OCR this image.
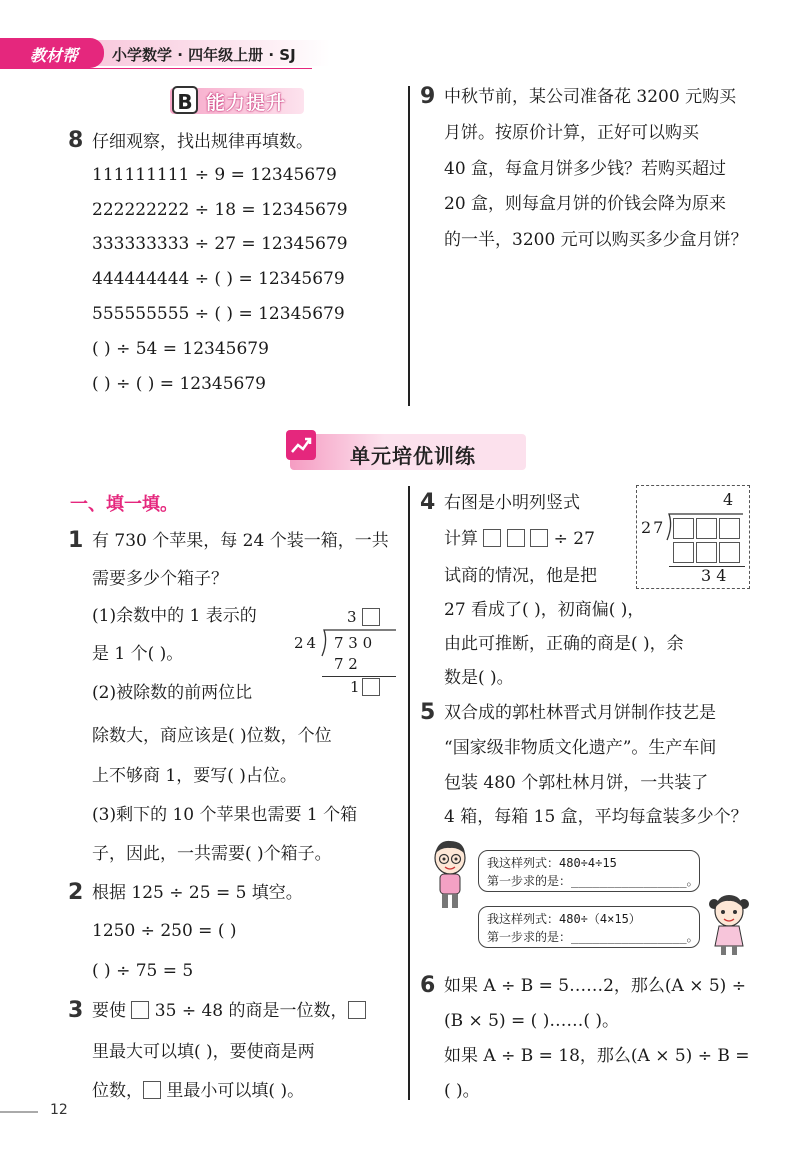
教材帮 小学数学 · 四年级上册 · SJ
B 能力提升
8 仔细观察，找出规律再填数。
111111111 ÷ 9 = 12345679
222222222 ÷ 18 = 12345679
333333333 ÷ 27 = 12345679
444444444 ÷ ( ) = 12345679
555555555 ÷ ( ) = 12345679
( ) ÷ 54 = 12345679
( ) ÷ ( ) = 12345679
9 中秋节前，某公司准备花 3200 元购买
月饼。按原价计算，正好可以购买
40 盒，每盒月饼多少钱？若购买超过
20 盒，则每盒月饼的价钱会降为原来
的一半，3200 元可以购买多少盒月饼？
单元培优训练
一、填一填。
1 有 730 个苹果，每 24 个装一箱，一共
需要多少个箱子？
(1)余数中的 1 表示的
是 1 个( )。
(2)被除数的前两位比
除数大，商应该是( )位数，个位
上不够商 1，要写( )占位。
(3)剩下的 10 个苹果也需要 1 个箱
子，因此，一共需要( )个箱子。
3
24 7 3 0
7 2
1
2 根据 125 ÷ 25 = 5 填空。
1250 ÷ 250 = ( )
( ) ÷ 75 = 5
3 要使  35 ÷ 48 的商是一位数，
里最大可以填( )，要使商是两
位数， 里最小可以填( )。
4 右图是小明列竖式
计算	÷ 27
试商的情况，他是把
27 看成了( )，初商偏( )，
由此可推断，正确的商是( )，余
数是( )。
4
27
3 4
5 双合成的郭杜林晋式月饼制作技艺是
“国家级非物质文化遗产”。生产车间
包装 480 个郭杜林月饼，一共装了
4 箱，每箱 15 盒，平均每盒装多少个？
我这样列式：480÷4÷15
第一步求的是：________________。
我这样列式：480÷（4×15）
第一步求的是：________________。
6 如果 A ÷ B = 5……2，那么(A × 5) ÷
(B × 5) = ( )……( )。
如果 A ÷ B = 18，那么(A × 5) ÷ B =
( )。
12
